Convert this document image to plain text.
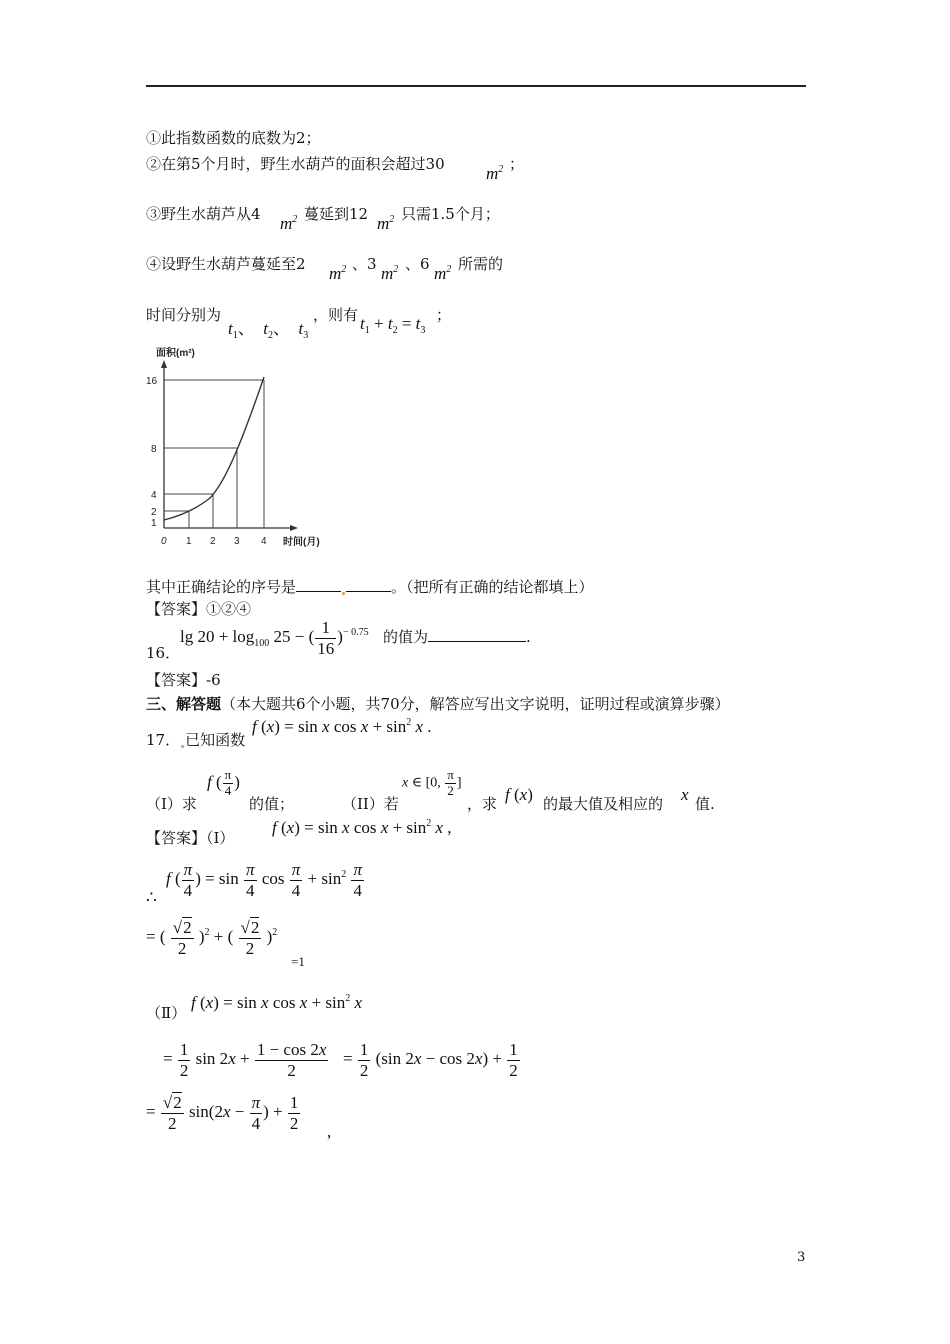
①此指数函数的底数为2；
②在第5个月时，野生水葫芦的面积会超过30 $m^2$ ；
③野生水葫芦从4 $m^2$ 蔓延到12 $m^2$ 只需1.5个月；
④设野生水葫芦蔓延至2 $m^2$ 、3 $m^2$ 、6 $m^2$ 所需的
时间分别为
$t_1$、  $t_2$、  $t_3$
，则有 $t_1 + t_2 = t_3$
；
面积(m²)
16
8
4
2
1
0 1 2 3 4 时间(月)
其中正确结论的序号是	。（把所有正确的结论都填上）
【答案】①②④
16．
$\lg 20 + \log_{100} 25$ − ( $\frac{1}{16} )^{- 0.75}$ 的值为	.
【答案】-6
三、解答题（本大题共6个小题，共70分，解答应写出文字说明，证明过程或演算步骤）
17． 已知函数
f (x) = sin x $\cos x + \sin^2 x$ .
（Ⅰ）求
f ( $\frac{\pi}{4}$ )
的值；	（II）若
x ∈ [0, $\frac{\pi}{2}$ ]
，求 f (x) 的最大值及相应的 x 值.
【答案】（Ⅰ）
f (x) = sin x $\cos x + \sin^2 x$ ,
∴
f ( $\frac{\pi}{4}$ ) = $\sin \frac{\pi}{4}$ $\cos \frac{\pi}{4} + \sin^2 \frac{\pi}{4}$
= ( $\frac{√2}{2} )^2$ + ( $\frac{√2}{2} )^2$
=1
（Ⅱ）
f (x) = sin x $\cos x + \sin^2 x$
= $\frac{1}{2}$ $\sin 2x + \frac{1 - \cos 2x}{2} = \frac{1}{2} (\sin$ $2x - \cos 2x) + \frac{1}{2}$
= $\frac{√2}{2} \sin(2x - \frac{\pi}{4}$ ) + $\frac{1}{2}$ ,
3
